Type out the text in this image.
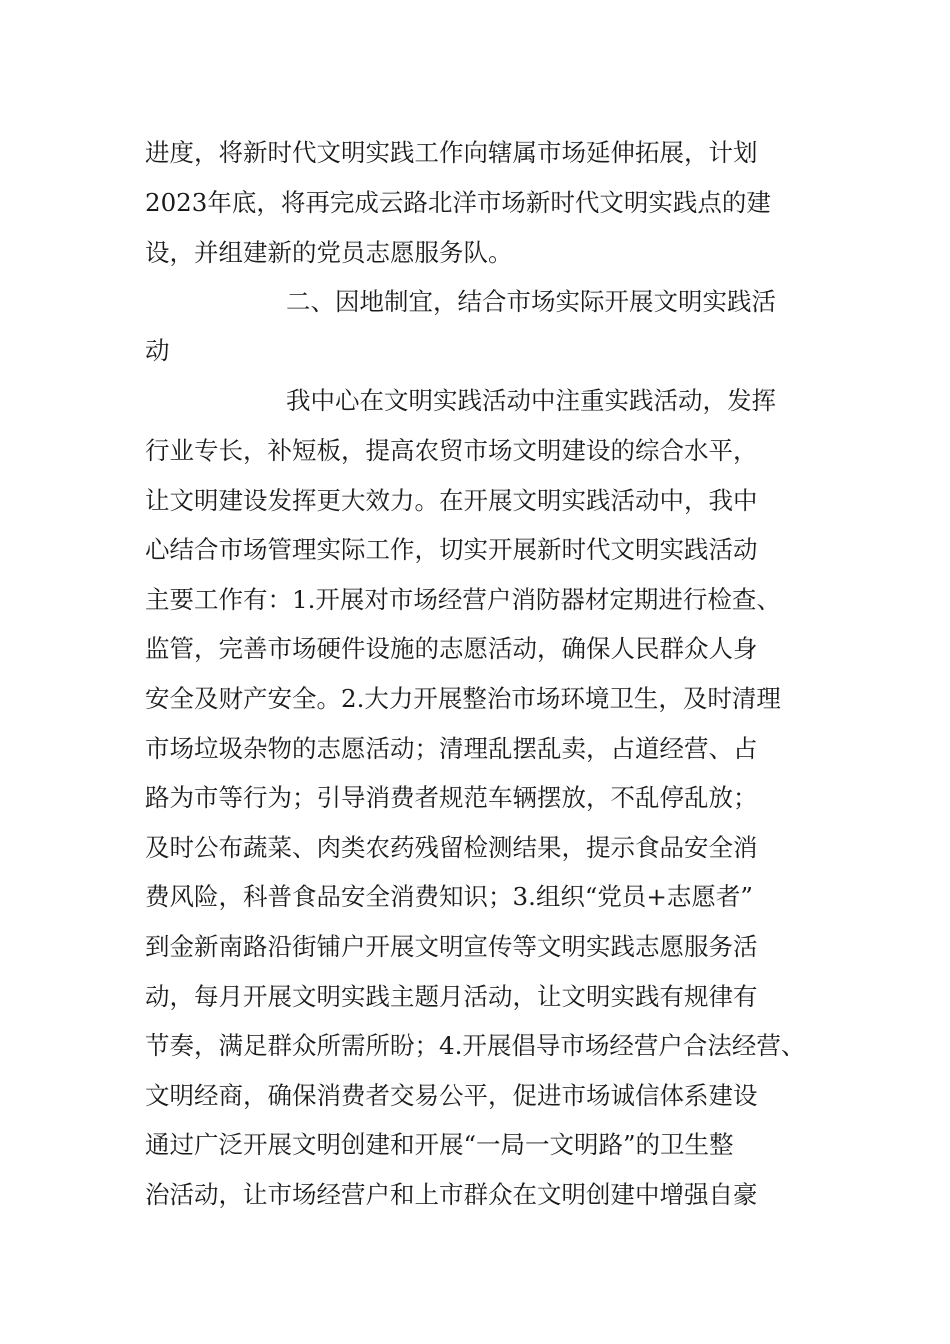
进度，将新时代文明实践工作向辖属市场延伸拓展，计划

2023年底，将再完成云路北洋市场新时代文明实践点的建

设，并组建新的党员志愿服务队。

二、因地制宜，结合市场实际开展文明实践活

动

我中心在文明实践活动中注重实践活动，发挥

行业专长，补短板，提高农贸市场文明建设的综合水平，

让文明建设发挥更大效力。在开展文明实践活动中，我中

心结合市场管理实际工作，切实开展新时代文明实践活动

主要工作有：1.开展对市场经营户消防器材定期进行检查、

监管，完善市场硬件设施的志愿活动，确保人民群众人身

安全及财产安全。2.大力开展整治市场环境卫生，及时清理

市场垃圾杂物的志愿活动；清理乱摆乱卖，占道经营、占

路为市等行为；引导消费者规范车辆摆放，不乱停乱放；

及时公布蔬菜、肉类农药残留检测结果，提示食品安全消

费风险，科普食品安全消费知识；3.组织“党员+志愿者”

到金新南路沿街铺户开展文明宣传等文明实践志愿服务活

动，每月开展文明实践主题月活动，让文明实践有规律有

节奏，满足群众所需所盼；4.开展倡导市场经营户合法经营、

文明经商，确保消费者交易公平，促进市场诚信体系建设

通过广泛开展文明创建和开展“一局一文明路”的卫生整

治活动，让市场经营户和上市群众在文明创建中增强自豪
